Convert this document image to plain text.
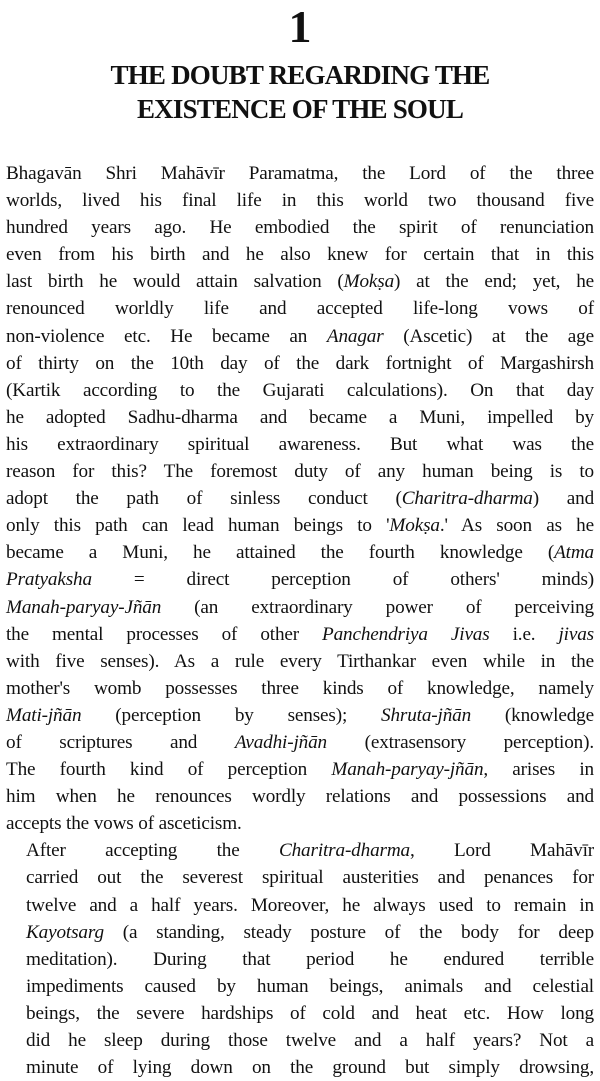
1
THE DOUBT REGARDING THE
EXISTENCE OF THE SOUL
Bhagavān Shri Mahāvīr Paramatma, the Lord of the three
worlds, lived his final life in this world two thousand five
hundred years ago. He embodied the spirit of renunciation
even from his birth and he also knew for certain that in this
last birth he would attain salvation (Mokṣa) at the end; yet, he
renounced worldly life and accepted life-long vows of
non-violence etc. He became an Anagar (Ascetic) at the age
of thirty on the 10th day of the dark fortnight of Margashirsh
(Kartik according to the Gujarati calculations). On that day
he adopted Sadhu-dharma and became a Muni, impelled by
his extraordinary spiritual awareness. But what was the
reason for this? The foremost duty of any human being is to
adopt the path of sinless conduct (Charitra-dharma) and
only this path can lead human beings to 'Mokṣa.' As soon as he
became a Muni, he attained the fourth knowledge (Atma
Pratyaksha = direct perception of others' minds)
Manah-paryay-Jñān (an extraordinary power of perceiving
the mental processes of other Panchendriya Jivas i.e. jivas
with five senses). As a rule every Tirthankar even while in the
mother's womb possesses three kinds of knowledge, namely
Mati-jñān (perception by senses); Shruta-jñān (knowledge
of scriptures and Avadhi-jñān (extrasensory perception).
The fourth kind of perception Manah-paryay-jñān, arises in
him when he renounces wordly relations and possessions and
accepts the vows of asceticism.
After accepting the Charitra-dharma, Lord Mahāvīr
carried out the severest spiritual austerities and penances for
twelve and a half years. Moreover, he always used to remain in
Kayotsarg (a standing, steady posture of the body for deep
meditation). During that period he endured terrible
impediments caused by human beings, animals and celestial
beings, the severe hardships of cold and heat etc. How long
did he sleep during those twelve and a half years? Not a
minute of lying down on the ground but simply drowsing,
